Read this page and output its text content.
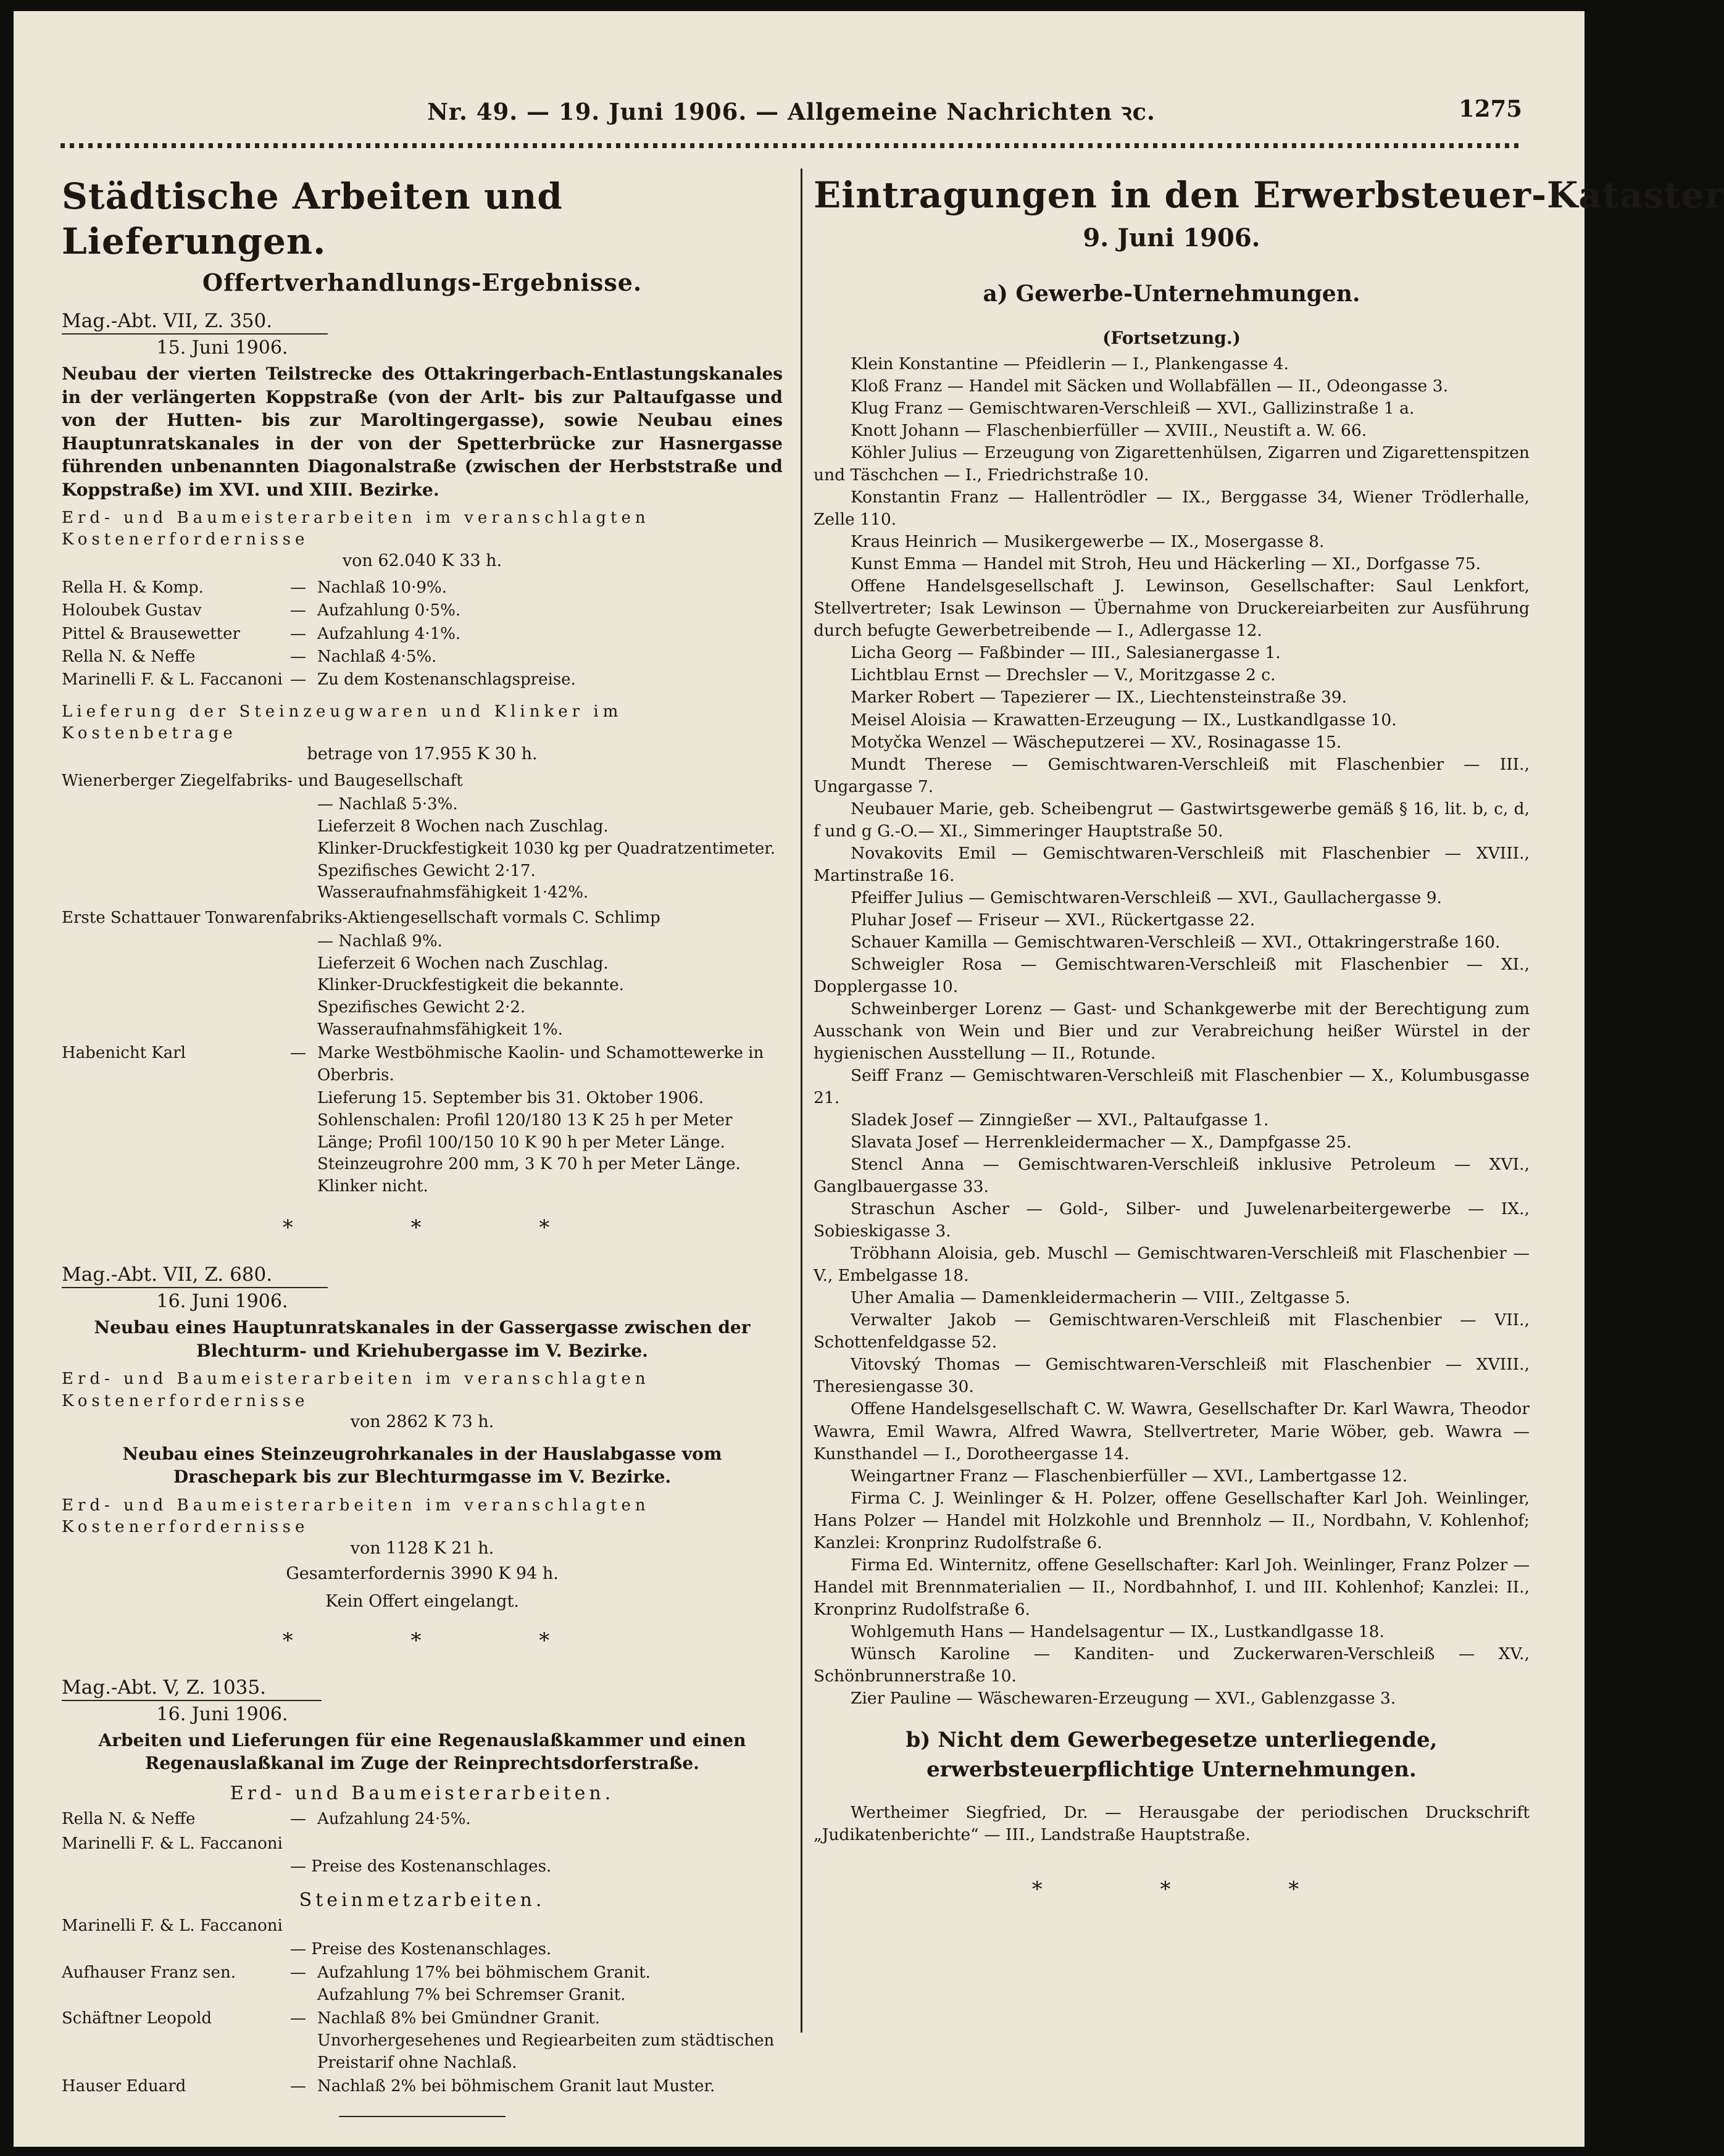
Nr. 49. — 19. Juni 1906. — Allgemeine Nachrichten ꝛc.	1275
Städtische Arbeiten und Lieferungen.
Offertverhandlungs-Ergebnisse.
Mag.-Abt. VII, Z. 350.
15. Juni 1906.
Neubau der vierten Teilstrecke des Ottakringerbach-Entlastungskanales in der verlängerten Koppstraße (von der Arlt- bis zur Paltaufgasse und von der Hutten- bis zur Maroltingergasse), sowie Neubau eines Hauptunratskanales in der von der Spetterbrücke zur Hasnergasse führenden unbenannten Diagonalstraße (zwischen der Herbststraße und Koppstraße) im XVI. und XIII. Bezirke.
Erd- und Baumeisterarbeiten im veranschlagten Kostenerfordernisse
von 62.040 K 33 h.
Rella H. & Komp.	— Nachlaß 10·9%.
Holoubek Gustav	— Aufzahlung 0·5%.
Pittel & Brausewetter	— Aufzahlung 4·1%.
Rella N. & Neffe	— Nachlaß 4·5%.
Marinelli F. & L. Faccanoni — Zu dem Kostenanschlagspreise.
Lieferung der Steinzeugwaren und Klinker im Kostenbetrage
betrage von 17.955 K 30 h.
Wienerberger Ziegelfabriks- und Baugesellschaft
— Nachlaß 5·3%.
Lieferzeit 8 Wochen nach Zuschlag.
Klinker-Druckfestigkeit 1030 kg per Quadratzentimeter.
Spezifisches Gewicht 2·17.
Wasseraufnahmsfähigkeit 1·42%.
Erste Schattauer Tonwarenfabriks-Aktiengesellschaft vormals C. Schlimp
— Nachlaß 9%.
Lieferzeit 6 Wochen nach Zuschlag.
Klinker-Druckfestigkeit die bekannte.
Spezifisches Gewicht 2·2.
Wasseraufnahmsfähigkeit 1%.
Habenicht Karl	— Marke Westböhmische Kaolin- und Schamottewerke in Oberbris.
Lieferung 15. September bis 31. Oktober 1906.
Sohlenschalen: Profil 120/180 13 K 25 h per Meter Länge; Profil 100/150 10 K 90 h per Meter Länge.
Steinzeugrohre 200 mm, 3 K 70 h per Meter Länge.
Klinker nicht.
* * *
Mag.-Abt. VII, Z. 680.
16. Juni 1906.
Neubau eines Hauptunratskanales in der Gassergasse zwischen der Blechturm- und Kriehubergasse im V. Bezirke.
Erd- und Baumeisterarbeiten im veranschlagten Kostenerfordernisse
von 2862 K 73 h.
Neubau eines Steinzeugrohrkanales in der Hauslabgasse vom Draschepark bis zur Blechturmgasse im V. Bezirke.
Erd- und Baumeisterarbeiten im veranschlagten Kostenerfordernisse
von 1128 K 21 h.
Gesamterfordernis 3990 K 94 h.
Kein Offert eingelangt.
* * *
Mag.-Abt. V, Z. 1035.
16. Juni 1906.
Arbeiten und Lieferungen für eine Regenauslaßkammer und einen Regenauslaßkanal im Zuge der Reinprechtsdorferstraße.
Erd- und Baumeisterarbeiten.
Rella N. & Neffe	— Aufzahlung 24·5%.
Marinelli F. & L. Faccanoni
— Preise des Kostenanschlages.
Steinmetzarbeiten.
Marinelli F. & L. Faccanoni
— Preise des Kostenanschlages.
Aufhauser Franz sen.	— Aufzahlung 17% bei böhmischem Granit.
Aufzahlung 7% bei Schremser Granit.
Schäftner Leopold	— Nachlaß 8% bei Gmündner Granit.
Unvorhergesehenes und Regiearbeiten zum städtischen Preistarif ohne Nachlaß.
Hauser Eduard	— Nachlaß 2% bei böhmischem Granit laut Muster.
Eintragungen in den Erwerbsteuer-Kataster
9. Juni 1906.
a) Gewerbe-Unternehmungen.
(Fortsetzung.)

Klein Konstantine — Pfeidlerin — I., Plankengasse 4.

Kloß Franz — Handel mit Säcken und Wollabfällen — II., Odeongasse 3.

Klug Franz — Gemischtwaren-Verschleiß — XVI., Gallizinstraße 1 a.

Knott Johann — Flaschenbierfüller — XVIII., Neustift a. W. 66.

Köhler Julius — Erzeugung von Zigarettenhülsen, Zigarren und Zigarettenspitzen und Täschchen — I., Friedrichstraße 10.

Konstantin Franz — Hallentrödler — IX., Berggasse 34, Wiener Trödlerhalle, Zelle 110.

Kraus Heinrich — Musikergewerbe — IX., Mosergasse 8.

Kunst Emma — Handel mit Stroh, Heu und Häckerling — XI., Dorfgasse 75.

Offene Handelsgesellschaft J. Lewinson, Gesellschafter: Saul Lenkfort, Stellvertreter; Isak Lewinson — Übernahme von Druckereiarbeiten zur Ausführung durch befugte Gewerbetreibende — I., Adlergasse 12.

Licha Georg — Faßbinder — III., Salesianergasse 1.

Lichtblau Ernst — Drechsler — V., Moritzgasse 2 c.

Marker Robert — Tapezierer — IX., Liechtensteinstraße 39.

Meisel Aloisia — Krawatten-Erzeugung — IX., Lustkandlgasse 10.

Motyčka Wenzel — Wäscheputzerei — XV., Rosinagasse 15.

Mundt Therese — Gemischtwaren-Verschleiß mit Flaschenbier — III., Ungargasse 7.

Neubauer Marie, geb. Scheibengrut — Gastwirtsgewerbe gemäß § 16, lit. b, c, d, f und g G.-O.— XI., Simmeringer Hauptstraße 50.

Novakovits Emil — Gemischtwaren-Verschleiß mit Flaschenbier — XVIII., Martinstraße 16.

Pfeiffer Julius — Gemischtwaren-Verschleiß — XVI., Gaullachergasse 9.

Pluhar Josef — Friseur — XVI., Rückertgasse 22.

Schauer Kamilla — Gemischtwaren-Verschleiß — XVI., Ottakringerstraße 160.

Schweigler Rosa — Gemischtwaren-Verschleiß mit Flaschenbier — XI., Dopplergasse 10.

Schweinberger Lorenz — Gast- und Schankgewerbe mit der Berechtigung zum Ausschank von Wein und Bier und zur Verabreichung heißer Würstel in der hygienischen Ausstellung — II., Rotunde.

Seiff Franz — Gemischtwaren-Verschleiß mit Flaschenbier — X., Kolumbusgasse 21.

Sladek Josef — Zinngießer — XVI., Paltaufgasse 1.

Slavata Josef — Herrenkleidermacher — X., Dampfgasse 25.

Stencl Anna — Gemischtwaren-Verschleiß inklusive Petroleum — XVI., Ganglbauergasse 33.

Straschun Ascher — Gold-, Silber- und Juwelenarbeitergewerbe — IX., Sobieskigasse 3.

Tröbhann Aloisia, geb. Muschl — Gemischtwaren-Verschleiß mit Flaschenbier — V., Embelgasse 18.

Uher Amalia — Damenkleidermacherin — VIII., Zeltgasse 5.

Verwalter Jakob — Gemischtwaren-Verschleiß mit Flaschenbier — VII., Schottenfeldgasse 52.

Vitovský Thomas — Gemischtwaren-Verschleiß mit Flaschenbier — XVIII., Theresiengasse 30.

Offene Handelsgesellschaft C. W. Wawra, Gesellschafter Dr. Karl Wawra, Theodor Wawra, Emil Wawra, Alfred Wawra, Stellvertreter, Marie Wöber, geb. Wawra — Kunsthandel — I., Dorotheergasse 14.

Weingartner Franz — Flaschenbierfüller — XVI., Lambertgasse 12.

Firma C. J. Weinlinger & H. Polzer, offene Gesellschafter Karl Joh. Weinlinger, Hans Polzer — Handel mit Holzkohle und Brennholz — II., Nordbahn, V. Kohlenhof; Kanzlei: Kronprinz Rudolfstraße 6.

Firma Ed. Winternitz, offene Gesellschafter: Karl Joh. Weinlinger, Franz Polzer — Handel mit Brennmaterialien — II., Nordbahnhof, I. und III. Kohlenhof; Kanzlei: II., Kronprinz Rudolfstraße 6.

Wohlgemuth Hans — Handelsagentur — IX., Lustkandlgasse 18.

Wünsch Karoline — Kanditen- und Zuckerwaren-Verschleiß — XV., Schönbrunnerstraße 10.

Zier Pauline — Wäschewaren-Erzeugung — XVI., Gablenzgasse 3.

b) Nicht dem Gewerbegesetze unterliegende, erwerbsteuerpflichtige Unternehmungen.

Wertheimer Siegfried, Dr. — Herausgabe der periodischen Druckschrift „Judikatenberichte“ — III., Landstraße Hauptstraße.

* * *
